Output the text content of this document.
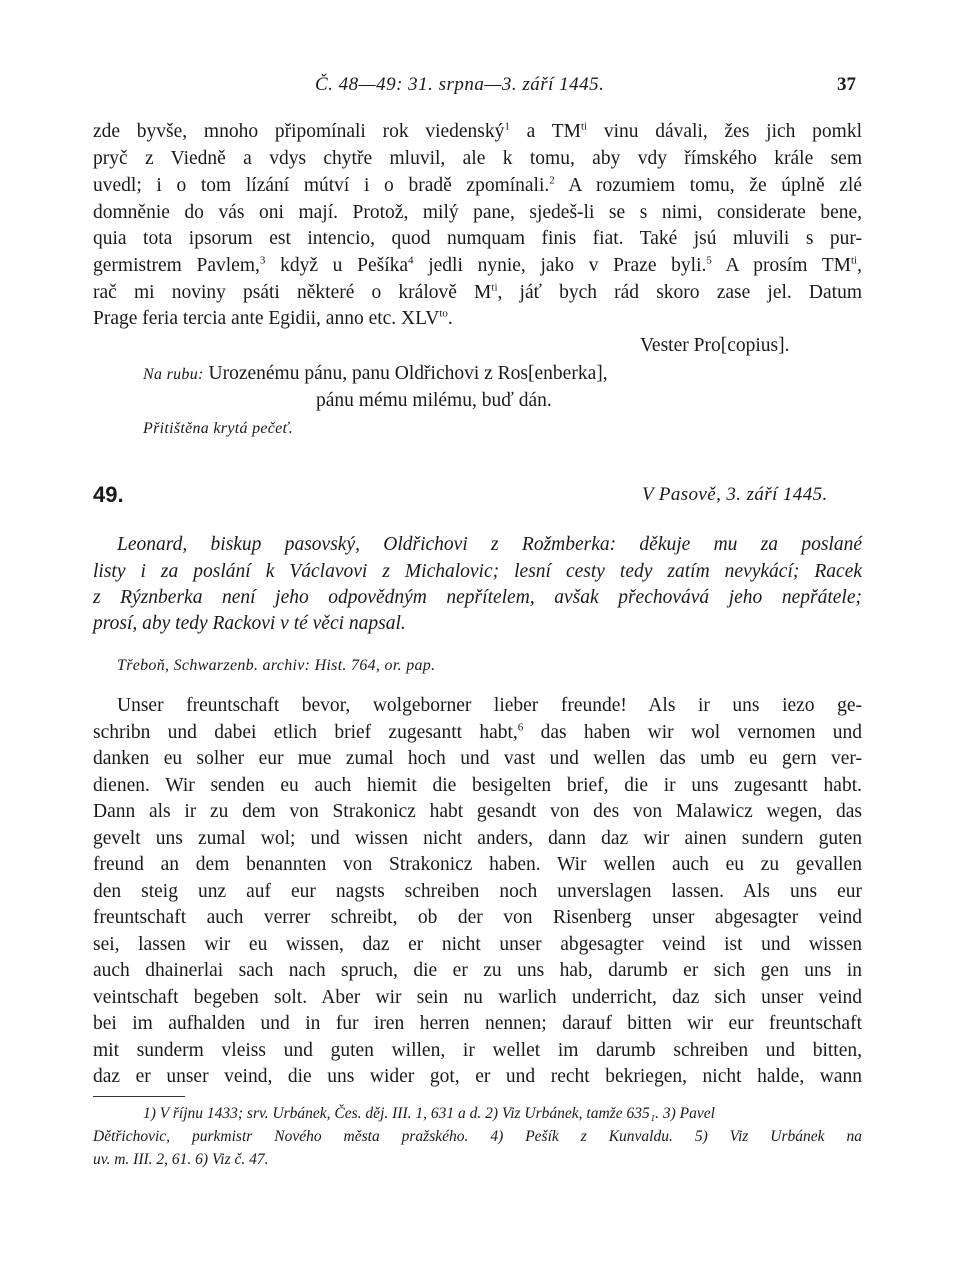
Č. 48—49: 31. srpna—3. září 1445.	37
zde byvše, mnoho připomínali rok viedenský$^1$ a $TM^{ti}$ vinu dávali, žes jich pomkl
pryč z Viedně a vdys chytře mluvil, ale k tomu, aby vdy římského krále sem
uvedl; i o tom lízání mútví i o bradě zpomínali.$^2$ A rozumiem tomu, že úplně zlé
domněnie do vás oni mají. Protož, milý pane, sjedeš-li se s nimi, considerate bene,
quia tota ipsorum est intencio, quod numquam finis fiat. Také jsú mluvili s pur-
germistrem Pavlem,$^3$ když u Pešíka$^4$ jedli nynie, jako v Praze byli.$^5$ A prosím $TM^{ti}$,
rač mi noviny psáti některé o králově $M^{ti}$, jáť bych rád skoro zase jel. Datum
Prage feria tercia ante Egidii, anno etc. $XLV^{to}$.
Vester Pro[copius].
Na rubu: Urozenému pánu, panu Oldřichovi z Ros[enberka],
pánu mému milému, buď dán.
Přitištěna krytá pečeť.
49.	V Pasově, 3. září 1445.
Leonard, biskup pasovský, Oldřichovi z Rožmberka: děkuje mu za poslané
listy i za poslání k Václavovi z Michalovic; lesní cesty tedy zatím nevykácí; Racek
z Rýznberka není jeho odpovědným nepřítelem, avšak přechovává jeho nepřátele;
prosí, aby tedy Rackovi v té věci napsal.
Třeboň, Schwarzenb. archiv: Hist. 764, or. pap.
Unser freuntschaft bevor, wolgeborner lieber freunde! Als ir uns iezo ge-
schribn und dabei etlich brief zugesantt habt,$^6$ das haben wir wol vernomen und
danken eu solher eur mue zumal hoch und vast und wellen das umb eu gern ver-
dienen. Wir senden eu auch hiemit die besigelten brief, die ir uns zugesantt habt.
Dann als ir zu dem von Strakonicz habt gesandt von des von Malawicz wegen, das
gevelt uns zumal wol; und wissen nicht anders, dann daz wir ainen sundern guten
freund an dem benannten von Strakonicz haben. Wir wellen auch eu zu gevallen
den steig unz auf eur nagsts schreiben noch unverslagen lassen. Als uns eur
freuntschaft auch verrer schreibt, ob der von Risenberg unser abgesagter veind
sei, lassen wir eu wissen, daz er nicht unser abgesagter veind ist und wissen
auch dhainerlai sach nach spruch, die er zu uns hab, darumb er sich gen uns in
veintschaft begeben solt. Aber wir sein nu warlich underricht, daz sich unser veind
bei im aufhalden und in fur iren herren nennen; darauf bitten wir eur freuntschaft
mit sunderm vleiss und guten willen, ir wellet im darumb schreiben und bitten,
daz er unser veind, die uns wider got, er und recht bekriegen, nicht halde, wann
1) V říjnu 1433; srv. Urbánek, Čes. děj. III. 1, 631 a d. 2) Viz Urbánek, tamže 635₁. 3) Pavel
Dětřichovic, purkmistr Nového města pražského. 4) Pešík z Kunvaldu. 5) Viz Urbánek na
uv. m. III. 2, 61. 6) Viz č. 47.
